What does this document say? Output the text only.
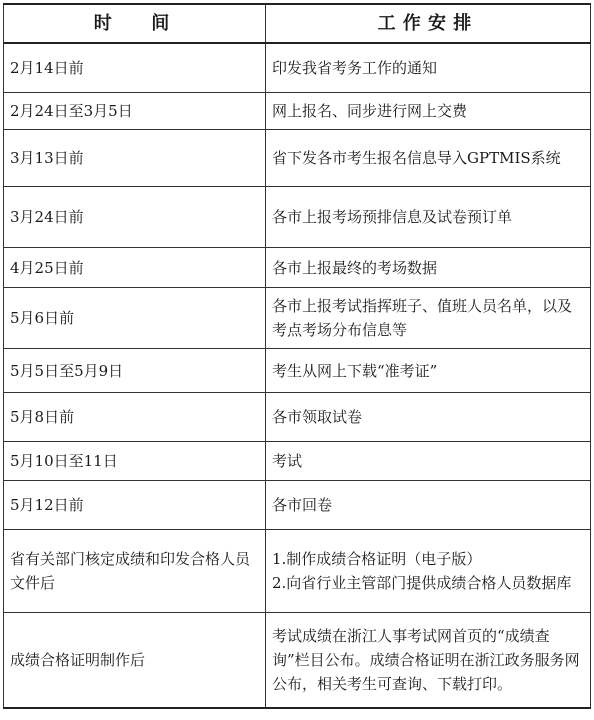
时间	工作安排
2月14日前	印发我省考务工作的通知
2月24日至3月5日	网上报名、同步进行网上交费
3月13日前	省下发各市考生报名信息导入GPTMIS系统
3月24日前	各市上报考场预排信息及试卷预订单
4月25日前	各市上报最终的考场数据
5月6日前	各市上报考试指挥班子、值班人员名单，以及考点考场分布信息等
5月5日至5月9日	考生从网上下载“准考证”
5月8日前	各市领取试卷
5月10日至11日	考试
5月12日前	各市回卷
省有关部门核定成绩和印发合格人员文件后	1.制作成绩合格证明（电子版）
2.向省行业主管部门提供成绩合格人员数据库

成绩合格证明制作后	考试成绩在浙江人事考试网首页的“成绩查询”栏目公布。成绩合格证明在浙江政务服务网公布，相关考生可查询、下载打印。
